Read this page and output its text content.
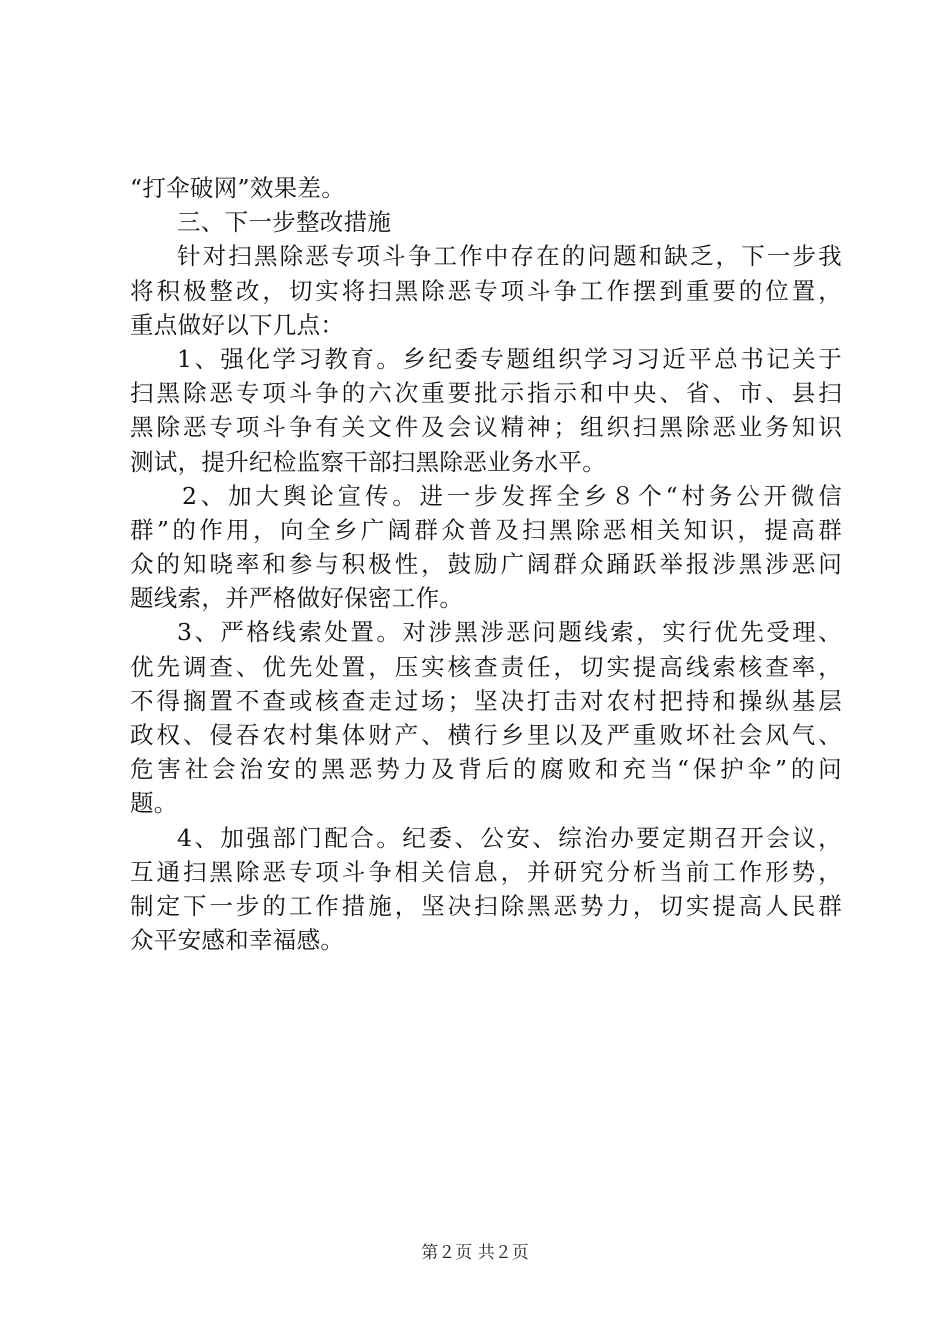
“打伞破网”效果差。
三、下一步整改措施
针对扫黑除恶专项斗争工作中存在的问题和缺乏，下一步我
将积极整改，切实将扫黑除恶专项斗争工作摆到重要的位置，
重点做好以下几点：
1、强化学习教育。乡纪委专题组织学习习近平总书记关于
扫黑除恶专项斗争的六次重要批示指示和中央、省、市、县扫
黑除恶专项斗争有关文件及会议精神；组织扫黑除恶业务知识
测试，提升纪检监察干部扫黑除恶业务水平。
2、加大舆论宣传。进一步发挥全乡８个“村务公开微信
群”的作用，向全乡广阔群众普及扫黑除恶相关知识，提高群
众的知晓率和参与积极性，鼓励广阔群众踊跃举报涉黑涉恶问
题线索，并严格做好保密工作。
3、严格线索处置。对涉黑涉恶问题线索，实行优先受理、
优先调查、优先处置，压实核查责任，切实提高线索核查率，
不得搁置不查或核查走过场；坚决打击对农村把持和操纵基层
政权、侵吞农村集体财产、横行乡里以及严重败坏社会风气、
危害社会治安的黑恶势力及背后的腐败和充当“保护伞”的问
题。
4、加强部门配合。纪委、公安、综治办要定期召开会议，
互通扫黑除恶专项斗争相关信息，并研究分析当前工作形势，
制定下一步的工作措施，坚决扫除黑恶势力，切实提高人民群
众平安感和幸福感。
第２页 共２页
